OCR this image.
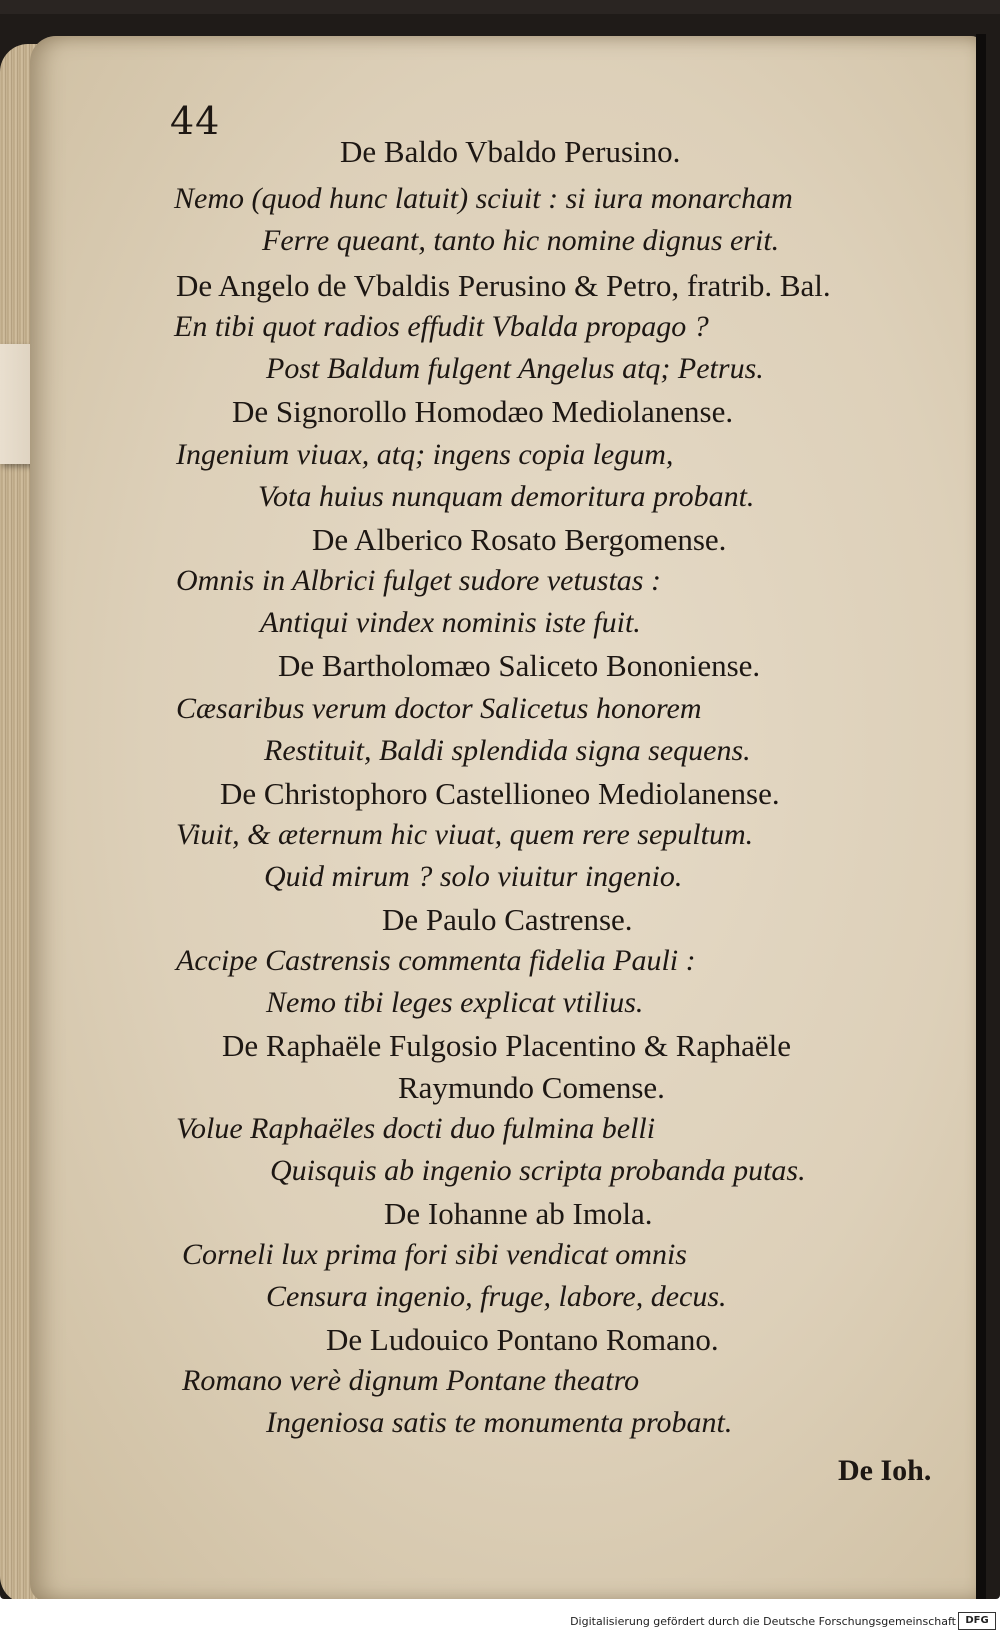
44
De Baldo Vbaldo Perusino.
Nemo (quod hunc latuit) sciuit : si iura monarcham
Ferre queant, tanto hic nomine dignus erit.
De Angelo de Vbaldis Perusino & Petro, fratrib. Bal.
En tibi quot radios effudit Vbalda propago ?
Post Baldum fulgent Angelus atq; Petrus.
De Signorollo Homodæo Mediolanense.
Ingenium viuax, atq; ingens copia legum,
Vota huius nunquam demoritura probant.
De Alberico Rosato Bergomense.
Omnis in Albrici fulget sudore vetustas :
Antiqui vindex nominis iste fuit.
De Bartholomæo Saliceto Bononiense.
Cæsaribus verum doctor Salicetus honorem
Restituit, Baldi splendida signa sequens.
De Christophoro Castellioneo Mediolanense.
Viuit, & æternum hic viuat, quem rere sepultum.
Quid mirum ? solo viuitur ingenio.
De Paulo Castrense.
Accipe Castrensis commenta fidelia Pauli :
Nemo tibi leges explicat vtilius.
De Raphaële Fulgosio Placentino & Raphaële
Raymundo Comense.
Volue Raphaëles docti duo fulmina belli
Quisquis ab ingenio scripta probanda putas.
De Iohanne ab Imola.
Corneli lux prima fori sibi vendicat omnis
Censura ingenio, fruge, labore, decus.
De Ludouico Pontano Romano.
Romano verè dignum Pontane theatro
Ingeniosa satis te monumenta probant.
De Ioh.
Digitalisierung gefördert durch die Deutsche Forschungsgemeinschaft DFG
